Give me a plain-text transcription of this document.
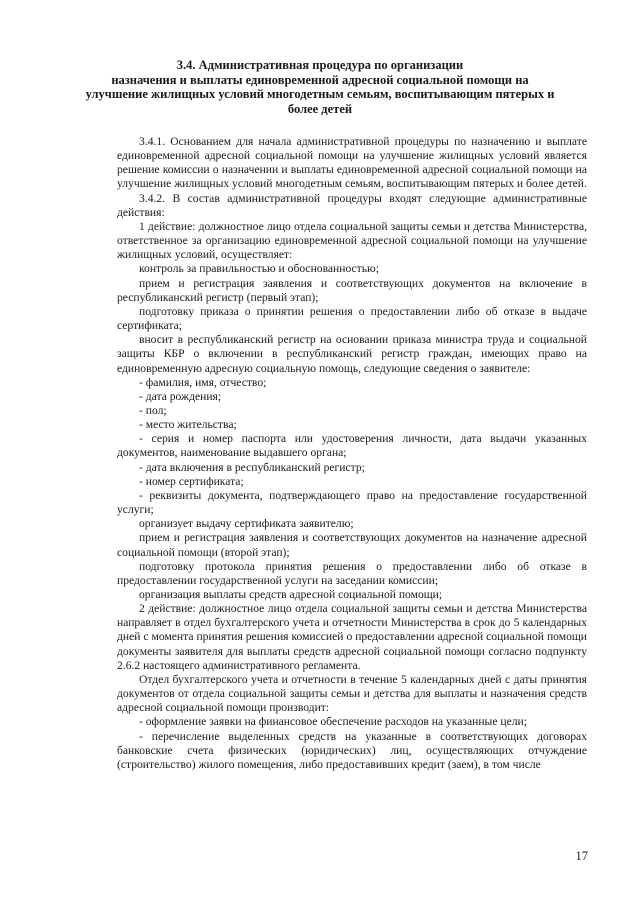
3.4. Административная процедура по организации
назначения и выплаты единовременной адресной социальной помощи на
улучшение жилищных условий многодетным семьям, воспитывающим пятерых и
более детей

3.4.1. Основанием для начала административной процедуры по назначению и выплате единовременной адресной социальной помощи на улучшение жилищных условий является решение комиссии о назначении и выплаты единовременной адресной социальной помощи на улучшение жилищных условий многодетным семьям, воспитывающим пятерых и более детей.

3.4.2. В состав административной процедуры входят следующие административные действия:

1 действие: должностное лицо отдела социальной защиты семьи и детства Министерства, ответственное за организацию единовременной адресной социальной помощи на улучшение жилищных условий, осуществляет:

контроль за правильностью и обоснованностью;

прием и регистрация заявления и соответствующих документов на включение в республиканский регистр (первый этап);

подготовку приказа о принятии решения о предоставлении либо об отказе в выдаче сертификата;

вносит в республиканский регистр на основании приказа министра труда и социальной защиты КБР о включении в республиканский регистр граждан, имеющих право на единовременную адресную социальную помощь, следующие сведения о заявителе:

- фамилия, имя, отчество;

- дата рождения;

- пол;

- место жительства;

- серия и номер паспорта или удостоверения личности, дата выдачи указанных документов, наименование выдавшего органа;

- дата включения в республиканский регистр;

- номер сертификата;

- реквизиты документа, подтверждающего право на предоставление государственной услуги;

организует выдачу сертификата заявителю;

прием и регистрация заявления и соответствующих документов на назначение адресной социальной помощи (второй этап);

подготовку протокола принятия решения о предоставлении либо об отказе в предоставлении государственной услуги на заседании комиссии;

организация выплаты средств адресной социальной помощи;

2 действие: должностное лицо отдела социальной защиты семьи и детства Министерства направляет в отдел бухгалтерского учета и отчетности Министерства в срок до 5 календарных дней с момента принятия решения комиссией о предоставлении адресной социальной помощи документы заявителя для выплаты средств адресной социальной помощи согласно подпункту 2.6.2 настоящего административного регламента.

Отдел бухгалтерского учета и отчетности в течение 5 календарных дней с даты принятия документов от отдела социальной защиты семьи и детства для выплаты и назначения средств адресной социальной помощи производит:

- оформление заявки на финансовое обеспечение расходов на указанные цели;

- перечисление выделенных средств на указанные в соответствующих договорах банковские счета физических (юридических) лиц, осуществляющих отчуждение (строительство) жилого помещения, либо предоставивших кредит (заем), в том числе

17
